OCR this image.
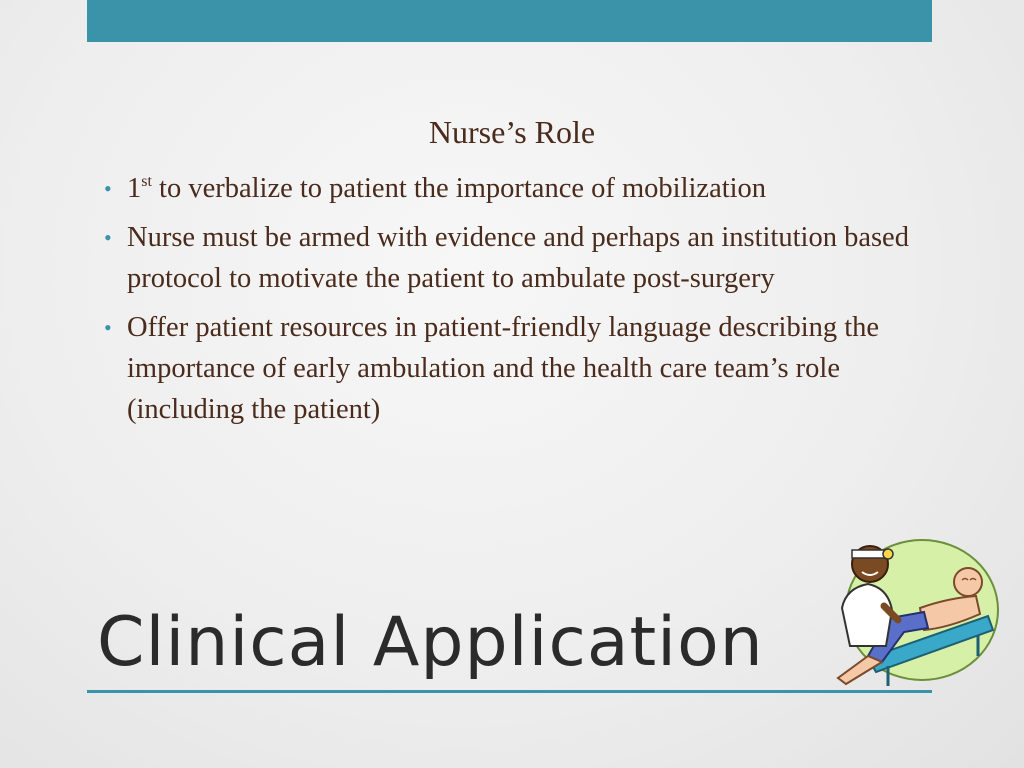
Nurse’s Role
• 1st to verbalize to patient the importance of mobilization
• Nurse must be armed with evidence and perhaps an institution based protocol to motivate the patient to ambulate post-surgery
• Offer patient resources in patient-friendly language describing the importance of early ambulation and the health care team’s role (including the patient)
Clinical Application
